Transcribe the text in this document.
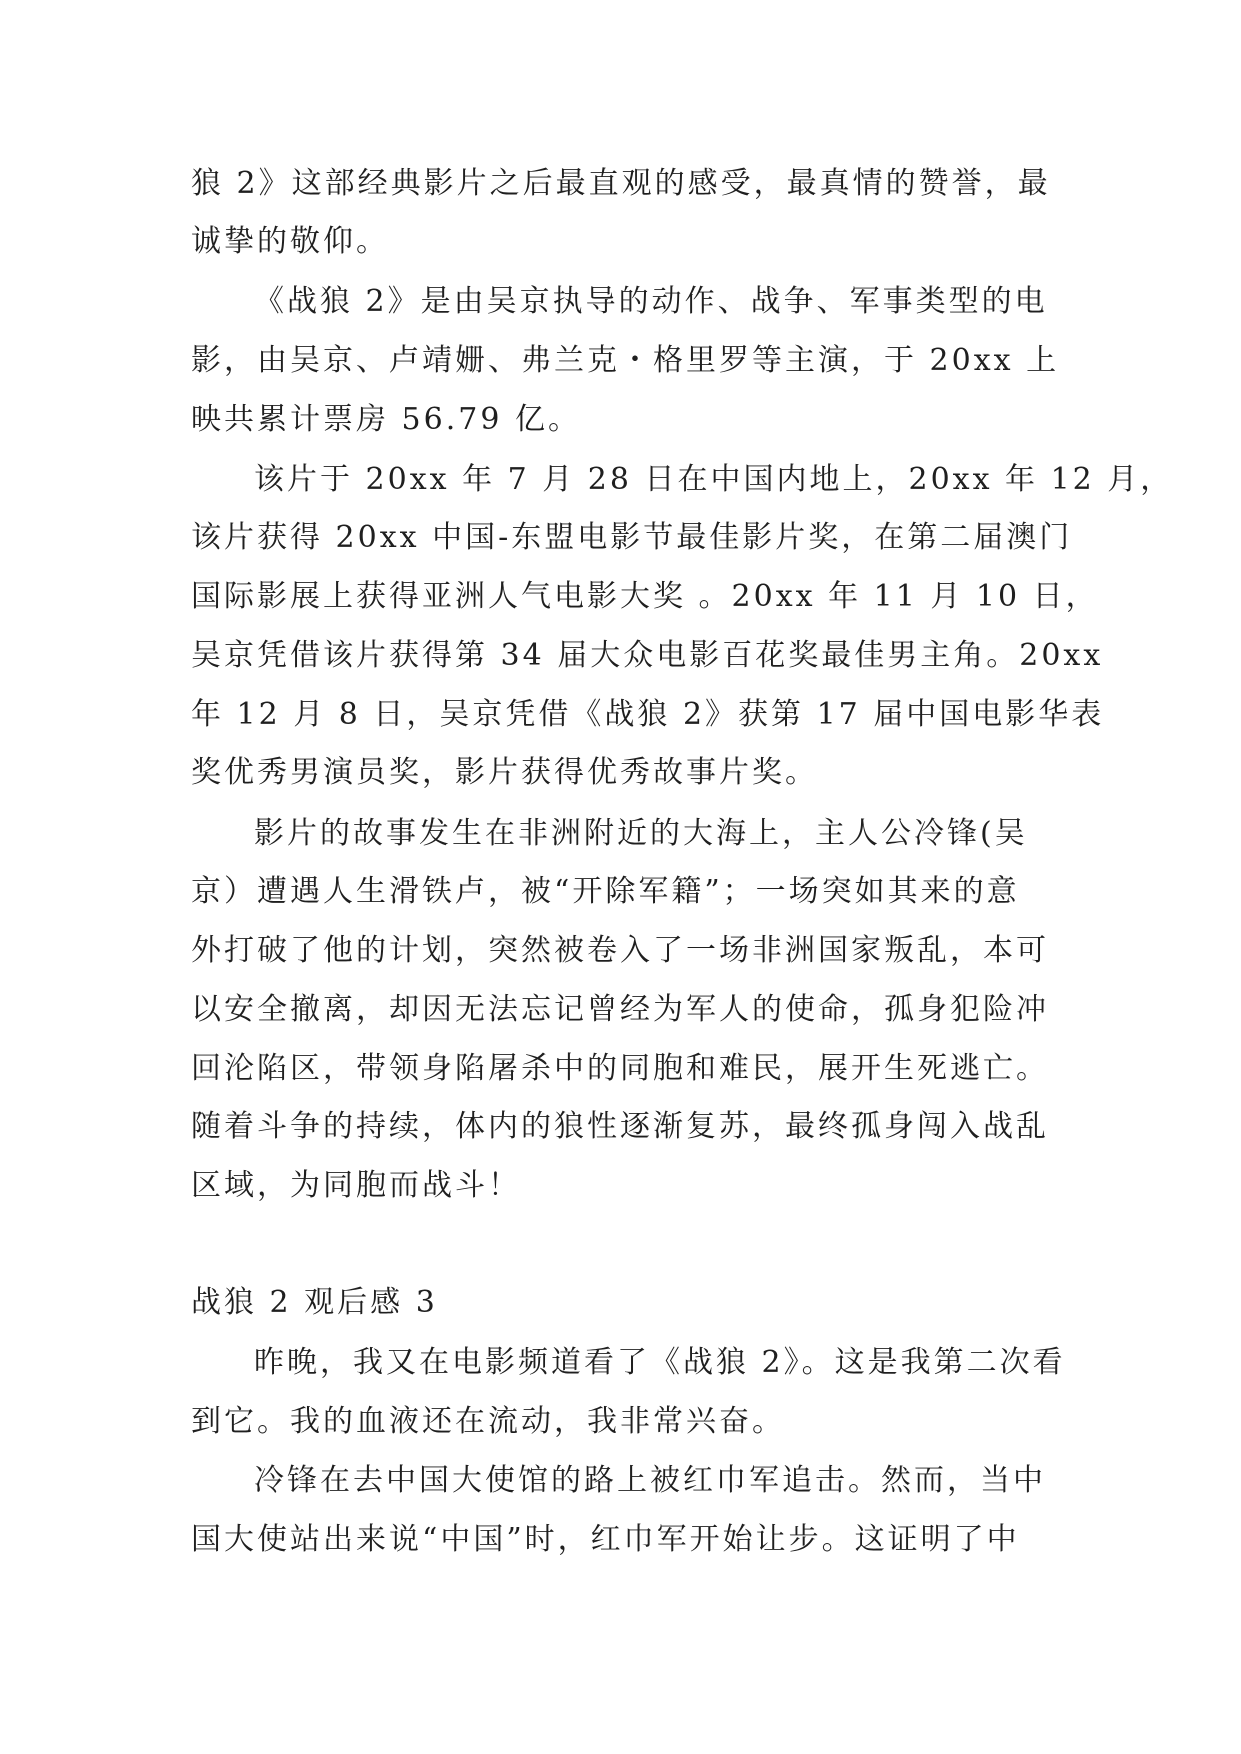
狼 2》这部经典影片之后最直观的感受，最真情的赞誉，最
诚挚的敬仰。
《战狼 2》是由吴京执导的动作、战争、军事类型的电
影，由吴京、卢靖姗、弗兰克・格里罗等主演，于 20xx 上
映共累计票房 56.79 亿。
该片于 20xx 年 7 月 28 日在中国内地上，20xx 年 12 月，
该片获得 20xx 中国-东盟电影节最佳影片奖，在第二届澳门
国际影展上获得亚洲人气电影大奖 。20xx 年 11 月 10 日，
吴京凭借该片获得第 34 届大众电影百花奖最佳男主角。20xx
年 12 月 8 日，吴京凭借《战狼 2》获第 17 届中国电影华表
奖优秀男演员奖，影片获得优秀故事片奖。
影片的故事发生在非洲附近的大海上，主人公冷锋(吴
京）遭遇人生滑铁卢，被“开除军籍”；一场突如其来的意
外打破了他的计划，突然被卷入了一场非洲国家叛乱，本可
以安全撤离，却因无法忘记曾经为军人的使命，孤身犯险冲
回沦陷区，带领身陷屠杀中的同胞和难民，展开生死逃亡。
随着斗争的持续，体内的狼性逐渐复苏，最终孤身闯入战乱
区域，为同胞而战斗！
战狼 2 观后感 3
昨晚，我又在电影频道看了《战狼 2》。这是我第二次看
到它。我的血液还在流动，我非常兴奋。
冷锋在去中国大使馆的路上被红巾军追击。然而，当中
国大使站出来说“中国”时，红巾军开始让步。这证明了中
